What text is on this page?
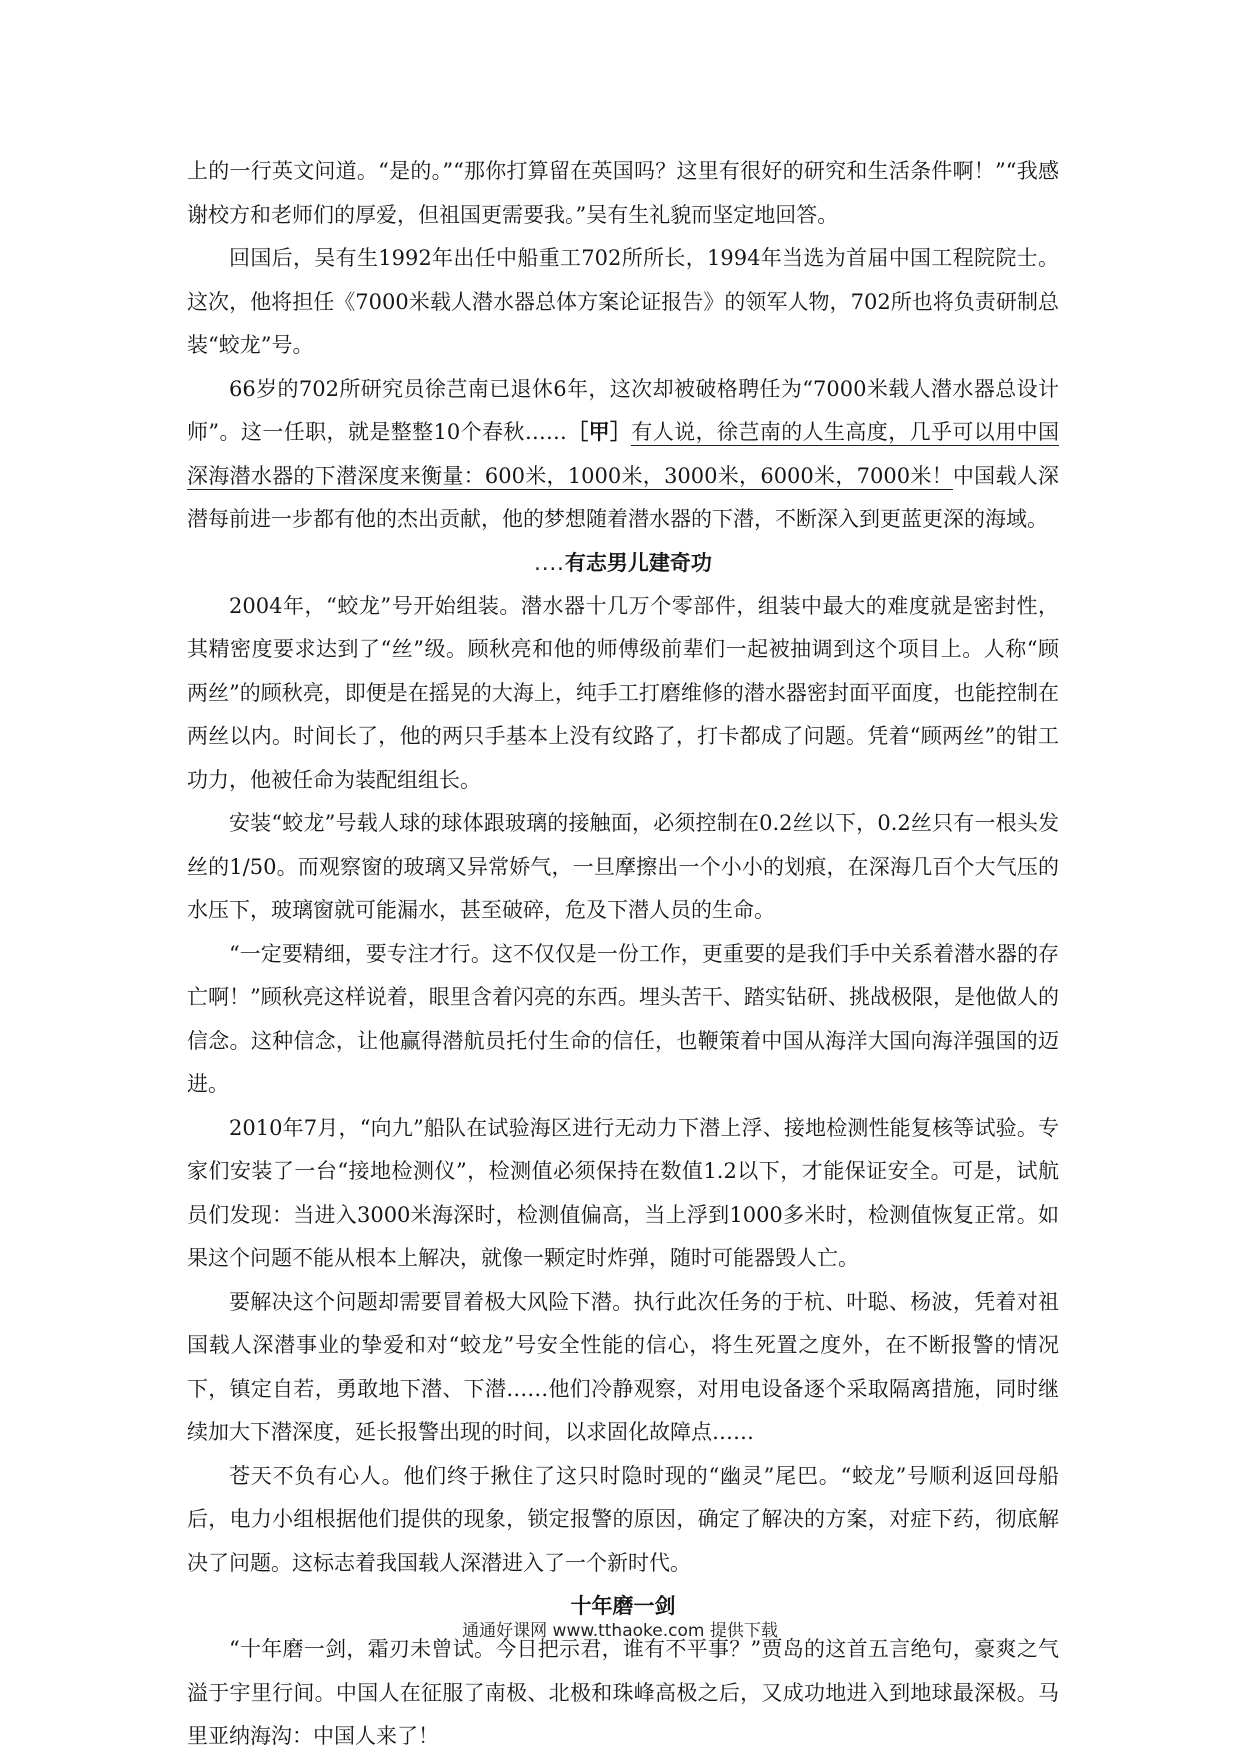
上的一行英文问道。“是的。”“那你打算留在英国吗？这里有很好的研究和生活条件啊！”“我感谢校方和老师们的厚爱，但祖国更需要我。”吴有生礼貌而坚定地回答。

回国后，吴有生1992年出任中船重工702所所长，1994年当选为首届中国工程院院士。这次，他将担任《7000米载人潜水器总体方案论证报告》的领军人物，702所也将负责研制总装“蛟龙”号。

66岁的702所研究员徐芑南已退休6年，这次却被破格聘任为“7000米载人潜水器总设计师”。这一任职，就是整整10个春秋……［甲］有人说，徐芑南的人生高度，几乎可以用中国深海潜水器的下潜深度来衡量：600米，1000米，3000米，6000米，7000米！中国载人深潜每前进一步都有他的杰出贡献，他的梦想随着潜水器的下潜，不断深入到更蓝更深的海域。

....有志男儿建奇功

2004年，“蛟龙”号开始组装。潜水器十几万个零部件，组装中最大的难度就是密封性，其精密度要求达到了“丝”级。顾秋亮和他的师傅级前辈们一起被抽调到这个项目上。人称“顾两丝”的顾秋亮，即便是在摇晃的大海上，纯手工打磨维修的潜水器密封面平面度，也能控制在两丝以内。时间长了，他的两只手基本上没有纹路了，打卡都成了问题。凭着“顾两丝”的钳工功力，他被任命为装配组组长。

安装“蛟龙”号载人球的球体跟玻璃的接触面，必须控制在0.2丝以下，0.2丝只有一根头发丝的1/50。而观察窗的玻璃又异常娇气，一旦摩擦出一个小小的划痕，在深海几百个大气压的水压下，玻璃窗就可能漏水，甚至破碎，危及下潜人员的生命。

“一定要精细，要专注才行。这不仅仅是一份工作，更重要的是我们手中关系着潜水器的存亡啊！”顾秋亮这样说着，眼里含着闪亮的东西。埋头苦干、踏实钻研、挑战极限，是他做人的信念。这种信念，让他赢得潜航员托付生命的信任，也鞭策着中国从海洋大国向海洋强国的迈进。

2010年7月，“向九”船队在试验海区进行无动力下潜上浮、接地检测性能复核等试验。专家们安装了一台“接地检测仪”，检测值必须保持在数值1.2以下，才能保证安全。可是，试航员们发现：当进入3000米海深时，检测值偏高，当上浮到1000多米时，检测值恢复正常。如果这个问题不能从根本上解决，就像一颗定时炸弹，随时可能器毁人亡。

要解决这个问题却需要冒着极大风险下潜。执行此次任务的于杭、叶聪、杨波，凭着对祖国载人深潜事业的挚爱和对“蛟龙”号安全性能的信心，将生死置之度外，在不断报警的情况下，镇定自若，勇敢地下潜、下潜……他们冷静观察，对用电设备逐个采取隔离措施，同时继续加大下潜深度，延长报警出现的时间，以求固化故障点……

苍天不负有心人。他们终于揪住了这只时隐时现的“幽灵”尾巴。“蛟龙”号顺利返回母船后，电力小组根据他们提供的现象，锁定报警的原因，确定了解决的方案，对症下药，彻底解决了问题。这标志着我国载人深潜进入了一个新时代。

十年磨一剑

“十年磨一剑，霜刃未曾试。今日把示君，谁有不平事？”贾岛的这首五言绝句，豪爽之气溢于宇里行间。中国人在征服了南极、北极和珠峰高极之后，又成功地进入到地球最深极。马里亚纳海沟：中国人来了！

通通好课网 www.tthaoke.com 提供下载
